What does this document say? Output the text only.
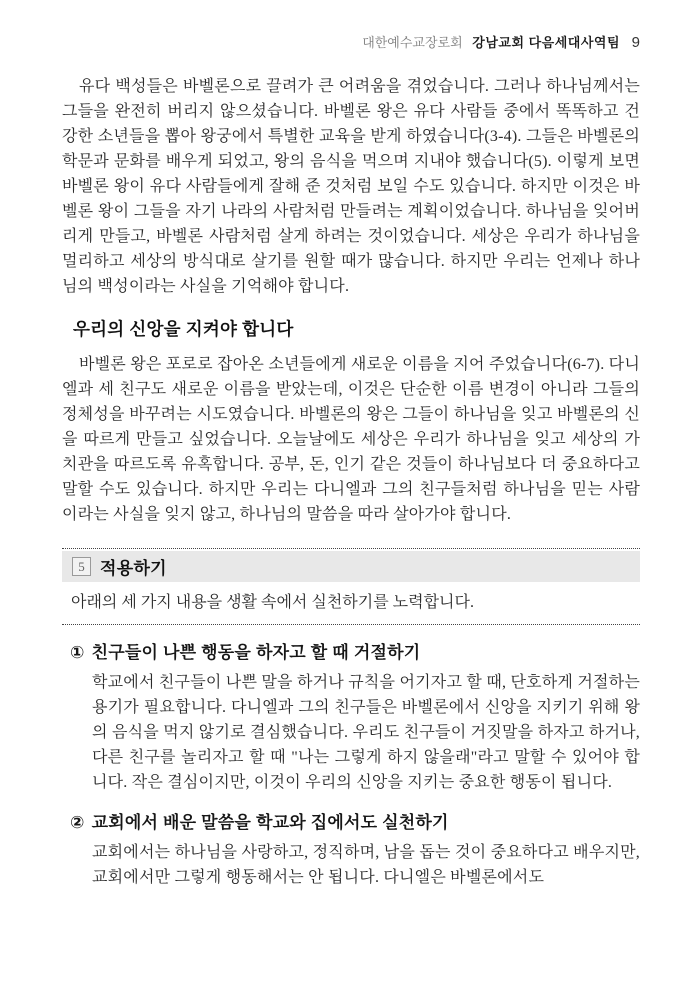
대한예수교장로회 강남교회 다음세대사역팀 9

유다 백성들은 바벨론으로 끌려가 큰 어려움을 겪었습니다. 그러나 하나님께서는 그들을 완전히 버리지 않으셨습니다. 바벨론 왕은 유다 사람들 중에서 똑똑하고 건강한 소년들을 뽑아 왕궁에서 특별한 교육을 받게 하였습니다(3-4). 그들은 바벨론의 학문과 문화를 배우게 되었고, 왕의 음식을 먹으며 지내야 했습니다(5). 이렇게 보면 바벨론 왕이 유다 사람들에게 잘해 준 것처럼 보일 수도 있습니다. 하지만 이것은 바벨론 왕이 그들을 자기 나라의 사람처럼 만들려는 계획이었습니다. 하나님을 잊어버리게 만들고, 바벨론 사람처럼 살게 하려는 것이었습니다. 세상은 우리가 하나님을 멀리하고 세상의 방식대로 살기를 원할 때가 많습니다. 하지만 우리는 언제나 하나님의 백성이라는 사실을 기억해야 합니다.

우리의 신앙을 지켜야 합니다

바벨론 왕은 포로로 잡아온 소년들에게 새로운 이름을 지어 주었습니다(6-7). 다니엘과 세 친구도 새로운 이름을 받았는데, 이것은 단순한 이름 변경이 아니라 그들의 정체성을 바꾸려는 시도였습니다. 바벨론의 왕은 그들이 하나님을 잊고 바벨론의 신을 따르게 만들고 싶었습니다. 오늘날에도 세상은 우리가 하나님을 잊고 세상의 가치관을 따르도록 유혹합니다. 공부, 돈, 인기 같은 것들이 하나님보다 더 중요하다고 말할 수도 있습니다. 하지만 우리는 다니엘과 그의 친구들처럼 하나님을 믿는 사람이라는 사실을 잊지 않고, 하나님의 말씀을 따라 살아가야 합니다.

5 적용하기

아래의 세 가지 내용을 생활 속에서 실천하기를 노력합니다.

① 친구들이 나쁜 행동을 하자고 할 때 거절하기

학교에서 친구들이 나쁜 말을 하거나 규칙을 어기자고 할 때, 단호하게 거절하는 용기가 필요합니다. 다니엘과 그의 친구들은 바벨론에서 신앙을 지키기 위해 왕의 음식을 먹지 않기로 결심했습니다. 우리도 친구들이 거짓말을 하자고 하거나, 다른 친구를 놀리자고 할 때 "나는 그렇게 하지 않을래"라고 말할 수 있어야 합니다. 작은 결심이지만, 이것이 우리의 신앙을 지키는 중요한 행동이 됩니다.

② 교회에서 배운 말씀을 학교와 집에서도 실천하기

교회에서는 하나님을 사랑하고, 정직하며, 남을 돕는 것이 중요하다고 배우지만, 교회에서만 그렇게 행동해서는 안 됩니다. 다니엘은 바벨론에서도
